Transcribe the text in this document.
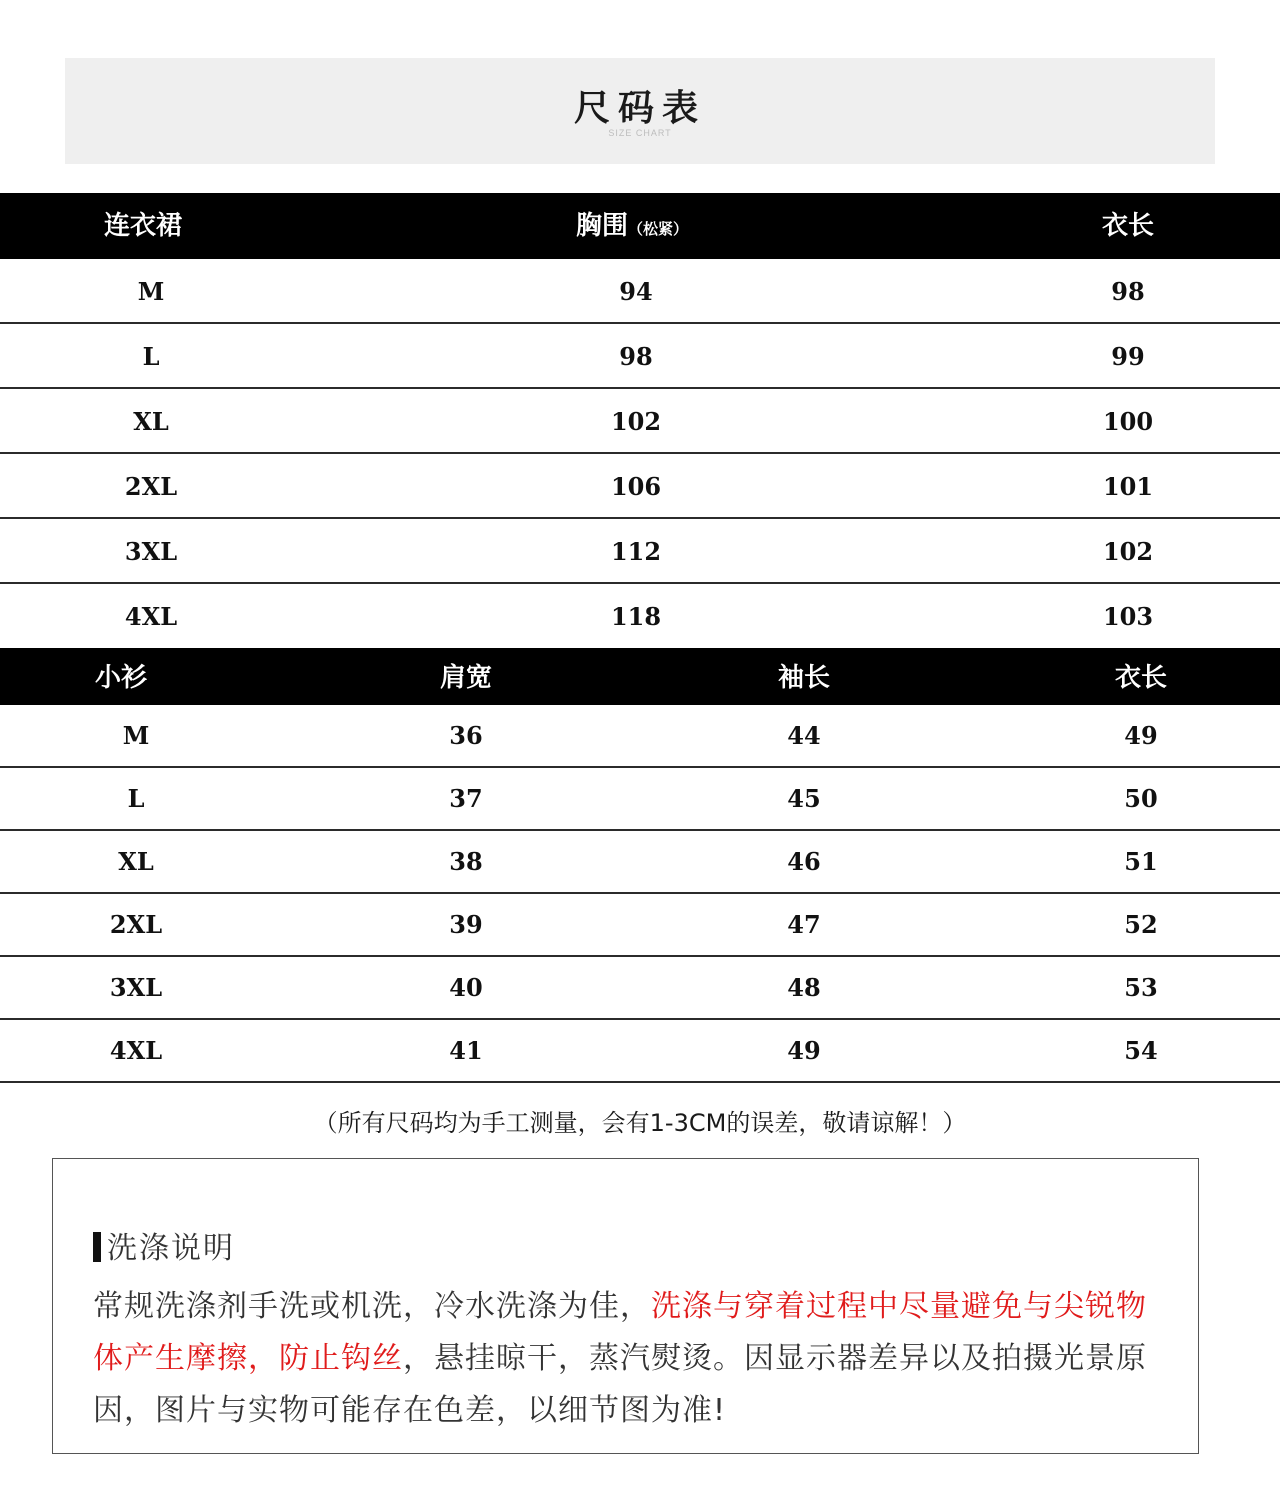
尺码表
SIZE CHART
连衣裙	胸围（松紧）	衣长
M	94	98
L	98	99
XL	102	100
2XL	106	101
3XL	112	102
4XL	118	103
小衫	肩宽	袖长	衣长
M	36	44	49
L	37	45	50
XL	38	46	51
2XL	39	47	52
3XL	40	48	53
4XL	41	49	54
（所有尺码均为手工测量，会有1-3CM的误差，敬请谅解！）
洗涤说明
常规洗涤剂手洗或机洗，冷水洗涤为佳，洗涤与穿着过程中尽量避免与尖锐物体产生摩擦，防止钩丝，悬挂晾干，蒸汽熨烫。因显示器差异以及拍摄光景原因，图片与实物可能存在色差，以细节图为准!
